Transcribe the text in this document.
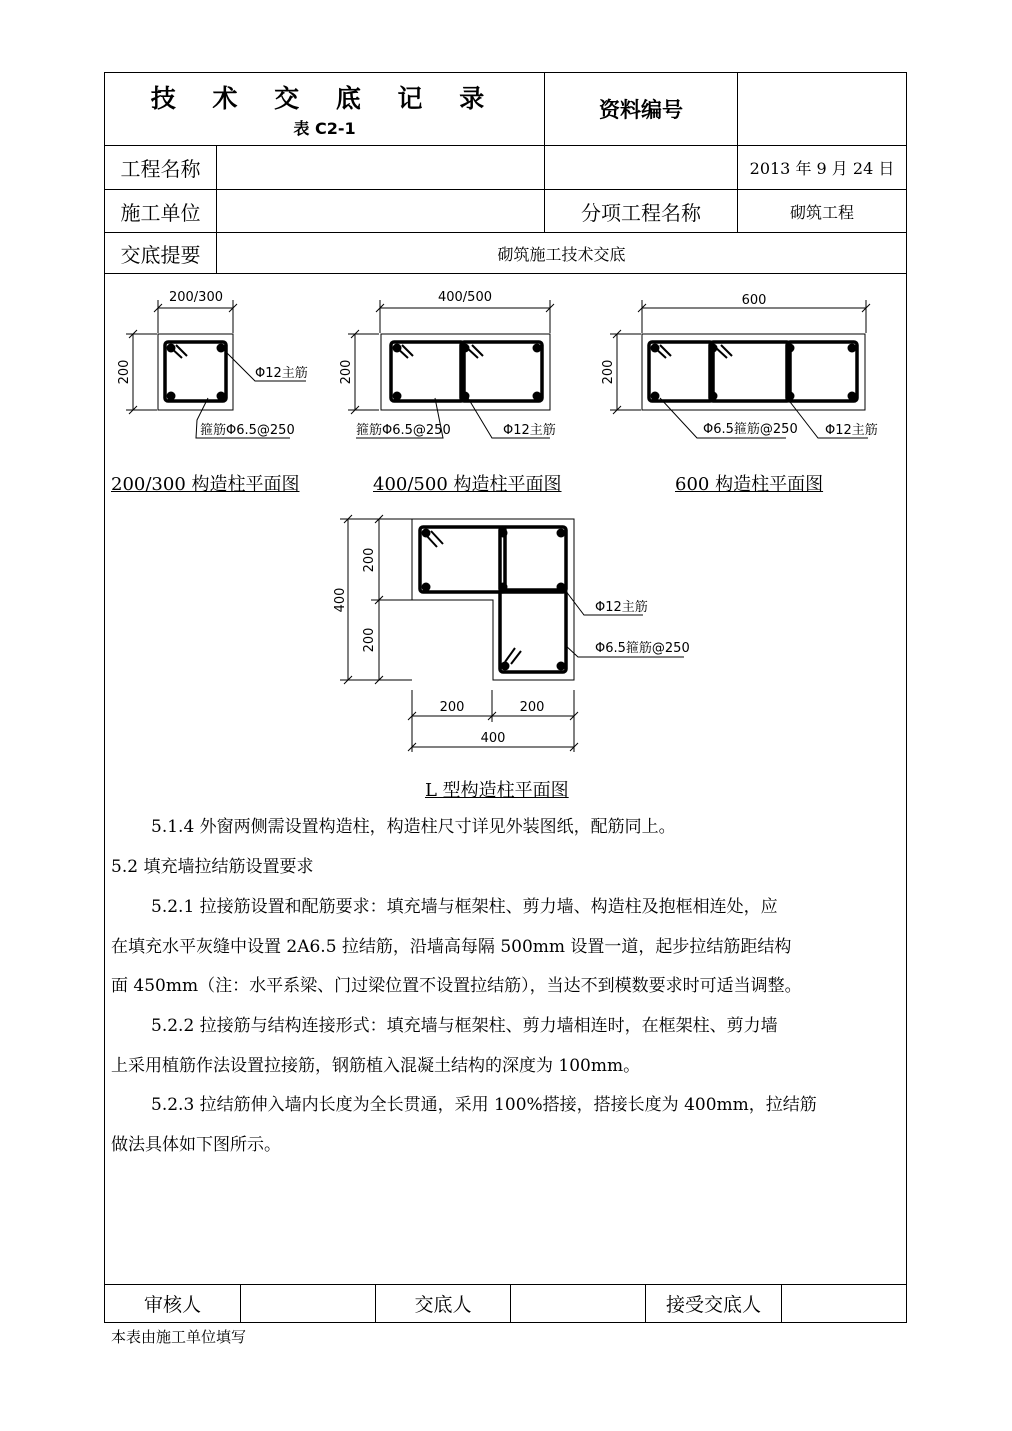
技 术 交 底 记 录
表 C2-1
资料编号
工程名称	2013 年 9 月 24 日
施工单位	分项工程名称	砌筑工程
交底提要	砌筑施工技术交底
200/300
200	Φ12主筋
箍筋Φ6.5@250
400/500
200
箍筋Φ6.5@250	Φ12主筋
600
200
Φ6.5箍筋@250 Φ12主筋
400
200
200
200	200
400
Φ12主筋
Φ6.5箍筋@250
200/300 构造柱平面图	400/500 构造柱平面图	600 构造柱平面图
L 型构造柱平面图
5.1.4 外窗两侧需设置构造柱，构造柱尺寸详见外装图纸，配筋同上。
5.2 填充墙拉结筋设置要求
5.2.1 拉接筋设置和配筋要求：填充墙与框架柱、剪力墙、构造柱及抱框相连处，应
在填充水平灰缝中设置 2A6.5 拉结筋，沿墙高每隔 500mm 设置一道，起步拉结筋距结构
面 450mm（注：水平系梁、门过梁位置不设置拉结筋），当达不到模数要求时可适当调整。
5.2.2 拉接筋与结构连接形式：填充墙与框架柱、剪力墙相连时，在框架柱、剪力墙
上采用植筋作法设置拉接筋，钢筋植入混凝土结构的深度为 100mm。
5.2.3 拉结筋伸入墙内长度为全长贯通，采用 100%搭接，搭接长度为 400mm，拉结筋
做法具体如下图所示。
审核人	交底人	接受交底人
本表由施工单位填写
